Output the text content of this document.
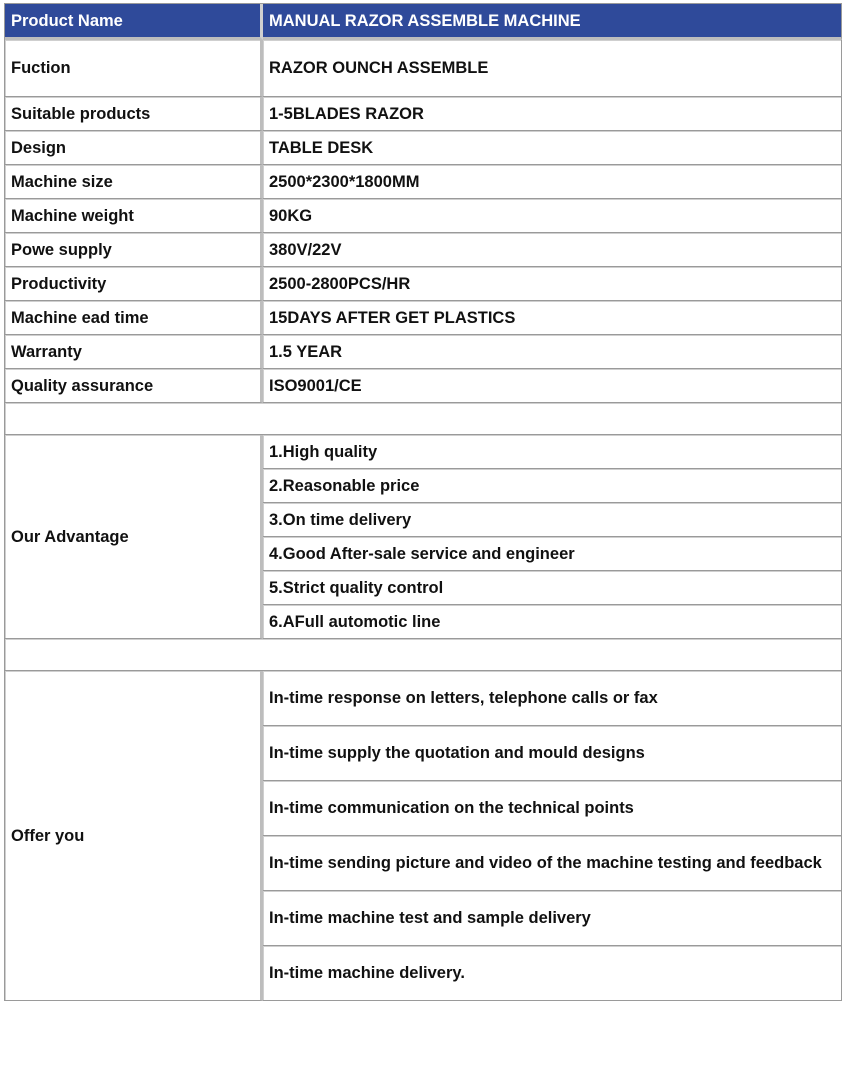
Product Name	MANUAL RAZOR ASSEMBLE MACHINE
Fuction	RAZOR OUNCH ASSEMBLE
Suitable products	1-5BLADES RAZOR
Design	TABLE DESK
Machine size	2500*2300*1800MM
Machine weight	90KG
Powe supply	380V/22V
Productivity	2500-2800PCS/HR
Machine ead time	15DAYS AFTER GET PLASTICS
Warranty	1.5 YEAR
Quality assurance	ISO9001/CE

Our Advantage	1.High quality
	2.Reasonable price
	3.On time delivery
	4.Good After-sale service and engineer
	5.Strict quality control
	6.AFull automotic line

Offer you	In-time response on letters, telephone calls or fax
	In-time supply the quotation and mould designs
	In-time communication on the technical points
	In-time sending picture and video of the machine testing and feedback
	In-time machine test and sample delivery
	In-time machine delivery.
